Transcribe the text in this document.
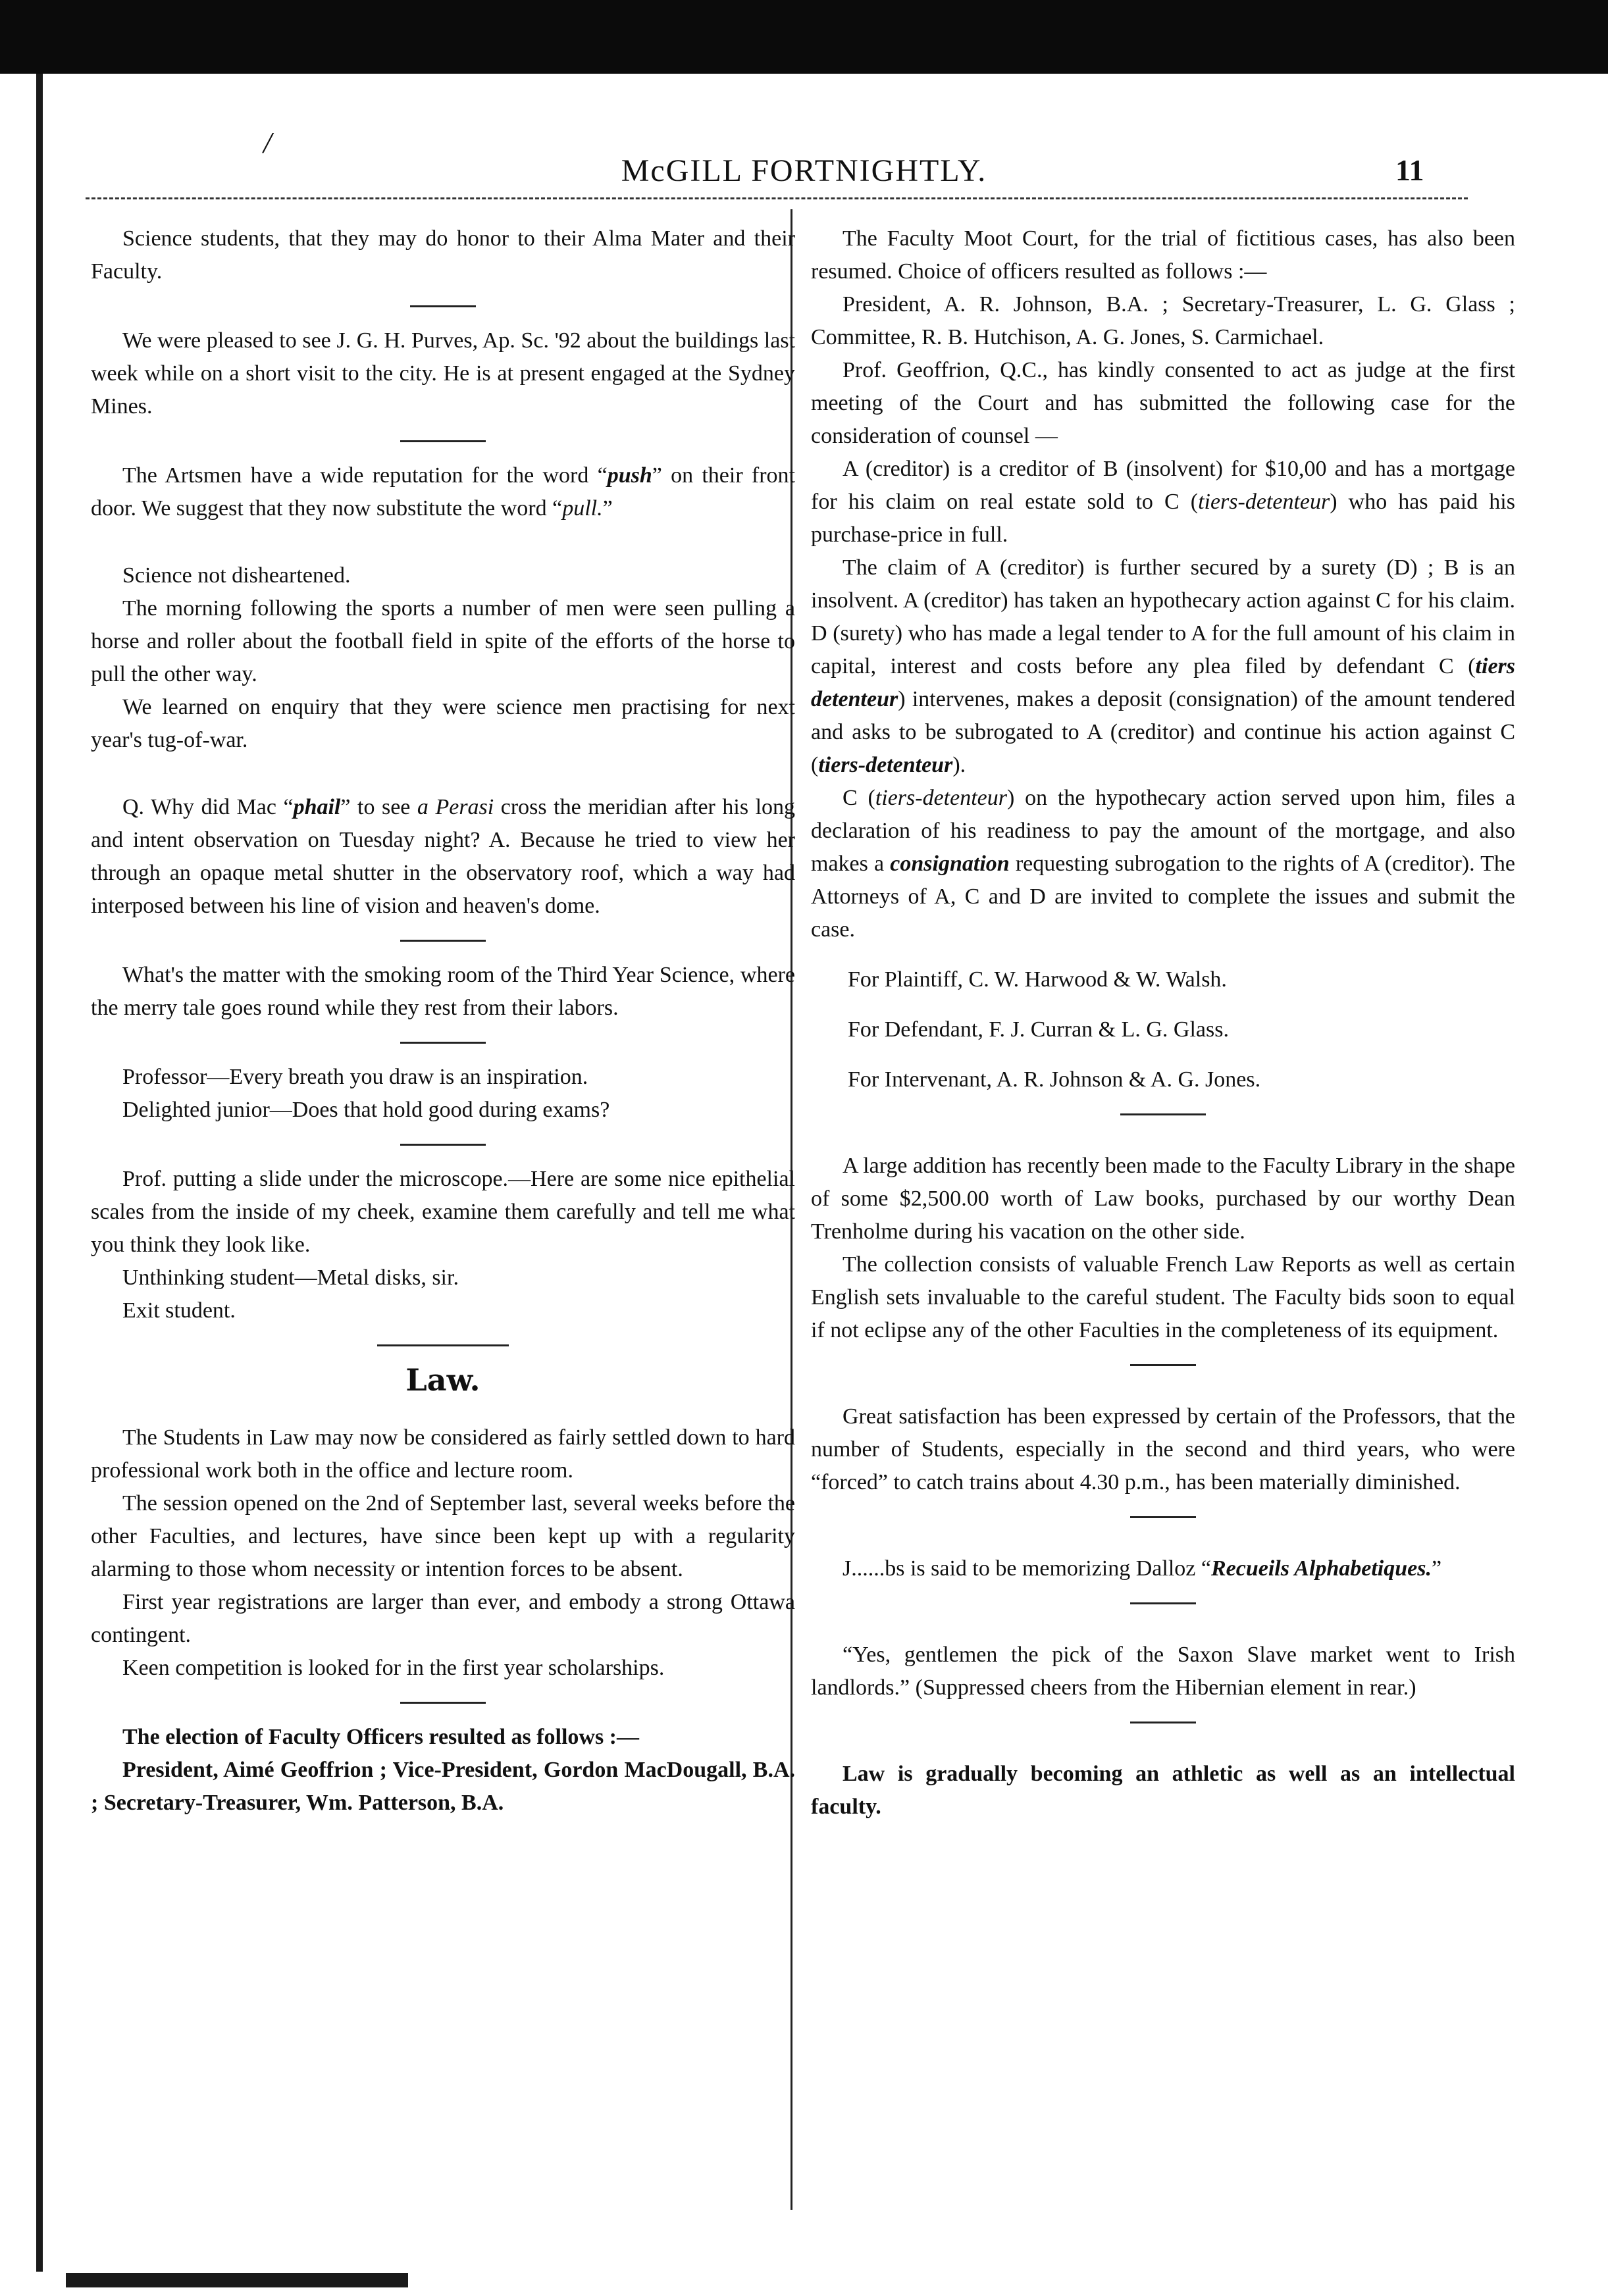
/
McGILL FORTNIGHTLY.	11

Science students, that they may do honor to their Alma Mater and their Faculty.

We were pleased to see J. G. H. Purves, Ap. Sc. '92 about the buildings last week while on a short visit to the city. He is at present engaged at the Sydney Mines.

The Artsmen have a wide reputation for the word “push” on their front door. We suggest that they now substitute the word “pull.”

Science not disheartened.

The morning following the sports a number of men were seen pulling a horse and roller about the football field in spite of the efforts of the horse to pull the other way.

We learned on enquiry that they were science men practising for next year's tug-of-war.

Q. Why did Mac “phail” to see a Perasi cross the meridian after his long and intent observation on Tuesday night? A. Because he tried to view her through an opaque metal shutter in the observatory roof, which a way had interposed between his line of vision and heaven's dome.

What's the matter with the smoking room of the Third Year Science, where the merry tale goes round while they rest from their labors.

Professor—Every breath you draw is an inspiration.

Delighted junior—Does that hold good during exams?

Prof. putting a slide under the microscope.—Here are some nice epithelial scales from the inside of my cheek, examine them carefully and tell me what you think they look like.

Unthinking student—Metal disks, sir.

Exit student.

Law.

The Students in Law may now be considered as fairly settled down to hard professional work both in the office and lecture room.

The session opened on the 2nd of September last, several weeks before the other Faculties, and lectures, have since been kept up with a regularity alarming to those whom necessity or intention forces to be absent.

First year registrations are larger than ever, and embody a strong Ottawa contingent.

Keen competition is looked for in the first year scholarships.

The election of Faculty Officers resulted as follows :—

President, Aimé Geoffrion ; Vice-President, Gordon MacDougall, B.A. ; Secretary-Treasurer, Wm. Patterson, B.A.

The Faculty Moot Court, for the trial of fictitious cases, has also been resumed. Choice of officers resulted as follows :—

President, A. R. Johnson, B.A. ; Secretary-Treasurer, L. G. Glass ; Committee, R. B. Hutchison, A. G. Jones, S. Carmichael.

Prof. Geoffrion, Q.C., has kindly consented to act as judge at the first meeting of the Court and has submitted the following case for the consideration of counsel —

A (creditor) is a creditor of B (insolvent) for $10,00 and has a mortgage for his claim on real estate sold to C (tiers-detenteur) who has paid his purchase-price in full.

The claim of A (creditor) is further secured by a surety (D) ; B is an insolvent. A (creditor) has taken an hypothecary action against C for his claim. D (surety) who has made a legal tender to A for the full amount of his claim in capital, interest and costs before any plea filed by defendant C (tiers detenteur) intervenes, makes a deposit (consignation) of the amount tendered and asks to be subrogated to A (creditor) and continue his action against C (tiers-detenteur).

C (tiers-detenteur) on the hypothecary action served upon him, files a declaration of his readiness to pay the amount of the mortgage, and also makes a consignation requesting subrogation to the rights of A (creditor). The Attorneys of A, C and D are invited to complete the issues and submit the case.

For Plaintiff, C. W. Harwood & W. Walsh.

For Defendant, F. J. Curran & L. G. Glass.

For Intervenant, A. R. Johnson & A. G. Jones.

A large addition has recently been made to the Faculty Library in the shape of some $2,500.00 worth of Law books, purchased by our worthy Dean Trenholme during his vacation on the other side.

The collection consists of valuable French Law Reports as well as certain English sets invaluable to the careful student. The Faculty bids soon to equal if not eclipse any of the other Faculties in the completeness of its equipment.

Great satisfaction has been expressed by certain of the Professors, that the number of Students, especially in the second and third years, who were “forced” to catch trains about 4.30 p.m., has been materially diminished.

J......bs is said to be memorizing Dalloz “Recueils Alphabetiques.”

“Yes, gentlemen the pick of the Saxon Slave market went to Irish landlords.” (Suppressed cheers from the Hibernian element in rear.)

Law is gradually becoming an athletic as well as an intellectual faculty.
